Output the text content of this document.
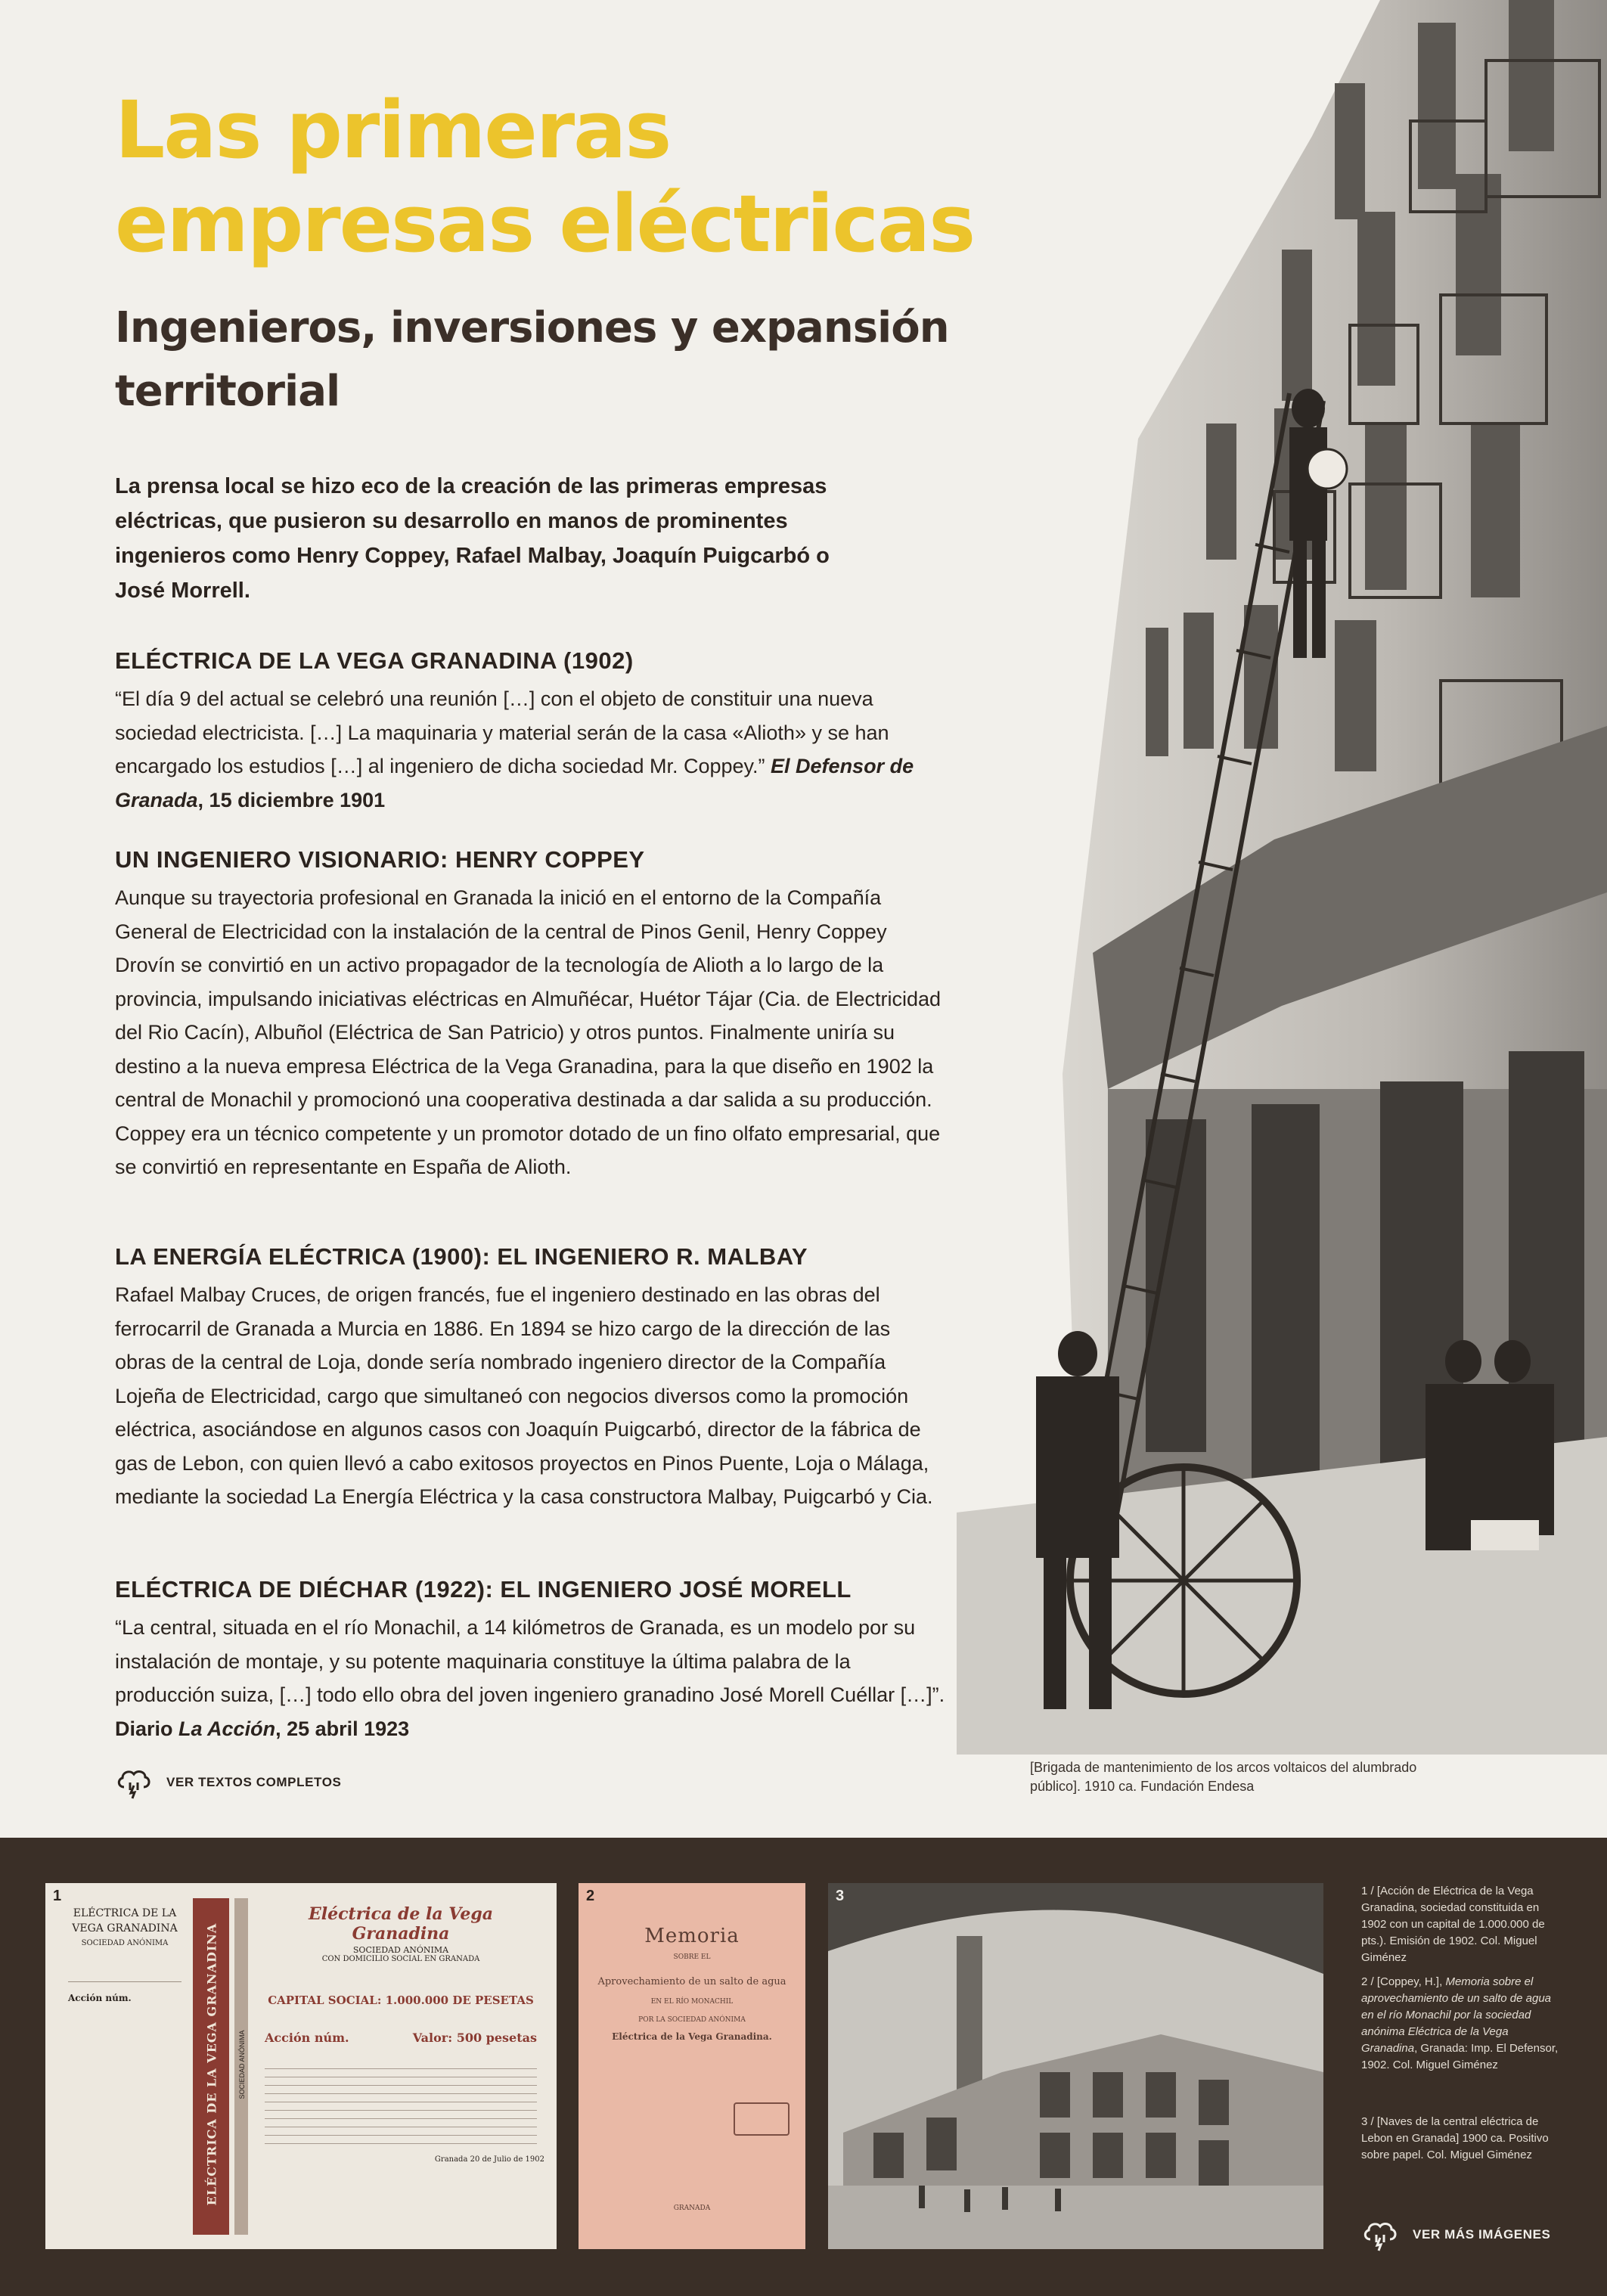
Las primeras empresas eléctricas
Ingenieros, inversiones y expansión territorial

La prensa local se hizo eco de la creación de las primeras empresas eléctricas, que pusieron su desarrollo en manos de prominentes ingenieros como Henry Coppey, Rafael Malbay, Joaquín Puigcarbó o José Morrell.

ELÉCTRICA DE LA VEGA GRANADINA (1902)

“El día 9 del actual se celebró una reunión […] con el objeto de constituir una nueva sociedad electricista. […] La maquinaria y material serán de la casa «Alioth» y se han encargado los estudios […] al ingeniero de dicha sociedad Mr. Coppey.” El Defensor de Granada, 15 diciembre 1901

UN INGENIERO VISIONARIO: HENRY COPPEY

Aunque su trayectoria profesional en Granada la inició en el entorno de la Compañía General de Electricidad con la instalación de la central de Pinos Genil, Henry Coppey Drovín se convirtió en un activo propagador de la tecnología de Alioth a lo largo de la provincia, impulsando iniciativas eléctricas en Almuñécar, Huétor Tájar (Cia. de Electricidad del Rio Cacín), Albuñol (Eléctrica de San Patricio) y otros puntos. Finalmente uniría su destino a la nueva empresa Eléctrica de la Vega Granadina, para la que diseño en 1902 la central de Monachil y promocionó una cooperativa destinada a dar salida a su producción. Coppey era un técnico competente y un promotor dotado de un fino olfato empresarial, que se convirtió en representante en España de Alioth.

LA ENERGÍA ELÉCTRICA (1900): EL INGENIERO R. MALBAY

Rafael Malbay Cruces, de origen francés, fue el ingeniero destinado en las obras del ferrocarril de Granada a Murcia en 1886. En 1894 se hizo cargo de la dirección de las obras de la central de Loja, donde sería nombrado ingeniero director de la Compañía Lojeña de Electricidad, cargo que simultaneó con negocios diversos como la promoción eléctrica, asociándose en algunos casos con Joaquín Puigcarbó, director de la fábrica de gas de Lebon, con quien llevó a cabo exitosos proyectos en Pinos Puente, Loja o Málaga, mediante la sociedad La Energía Eléctrica y la casa constructora Malbay, Puigcarbó y Cia.

ELÉCTRICA DE DIÉCHAR (1922): EL INGENIERO JOSÉ MORELL

“La central, situada en el río Monachil, a 14 kilómetros de Granada, es un modelo por su instalación de montaje, y su potente maquinaria constituye la última palabra de la producción suiza, […] todo ello obra del joven ingeniero granadino José Morell Cuéllar […]”. Diario La Acción, 25 abril 1923

VER TEXTOS COMPLETOS

[Brigada de mantenimiento de los arcos voltaicos del alumbrado público]. 1910 ca. Fundación Endesa

1
ELÉCTRICA DE LA VEGA GRANADINA
SOCIEDAD ANÓNIMA	ELÉCTRICA DE LA VEGA GRANADINA	SOCIEDAD ANÓNIMA
Eléctrica de la Vega Granadina
SOCIEDAD ANÓNIMA
CON DOMICILIO SOCIAL EN GRANADA
CAPITAL SOCIAL: 1.000.000 DE PESETAS
Acción núm.	Valor: 500 pesetas
Granada 20 de Julio de 1902
Acción núm.
2
Memoria
SOBRE EL
Aprovechamiento de un salto de agua
EN EL RÍO MONACHIL
POR LA SOCIEDAD ANÓNIMA
Eléctrica de la Vega Granadina.
GRANADA
3	1 / [Acción de Eléctrica de la Vega Granadina, sociedad constituida en 1902 con un capital de 1.000.000 de pts.). Emisión de 1902. Col. Miguel Giménez

2 / [Coppey, H.], Memoria sobre el aprovechamiento de un salto de agua en el río Monachil por la sociedad anónima Eléctrica de la Vega Granadina, Granada: Imp. El Defensor, 1902. Col. Miguel Giménez

3 / [Naves de la central eléctrica de Lebon en Granada] 1900 ca. Positivo sobre papel. Col. Miguel Giménez

VER MÁS IMÁGENES
